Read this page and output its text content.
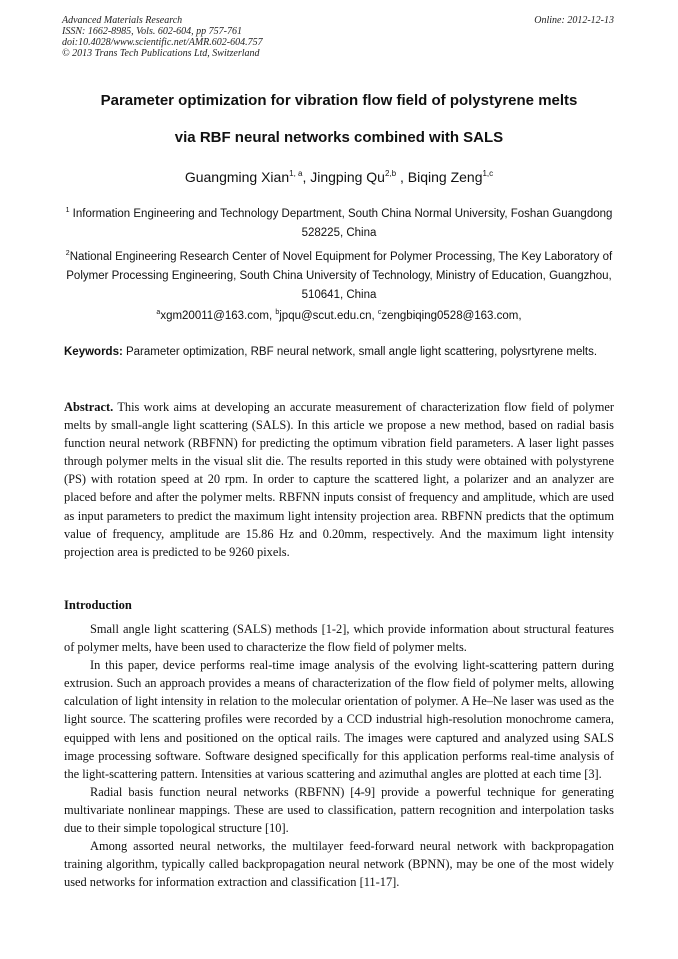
Advanced Materials Research
ISSN: 1662-8985, Vols. 602-604, pp 757-761
doi:10.4028/www.scientific.net/AMR.602-604.757
© 2013 Trans Tech Publications Ltd, Switzerland
Online: 2012-12-13
Parameter optimization for vibration flow field of polystyrene melts
via RBF neural networks combined with SALS
Guangming Xian$^{1, a}$, Jingping Qu$^{2,b}$ , Biqing Zeng$^{1,c}$
$^1$ Information Engineering and Technology Department, South China Normal University, Foshan Guangdong 528225, China
$^2$National Engineering Research Center of Novel Equipment for Polymer Processing, The Key Laboratory of Polymer Processing Engineering, South China University of Technology, Ministry of Education, Guangzhou, 510641, China
$^a$xgm20011@163.com, $^b$jpqu@scut.edu.cn, $^c$zengbiqing0528@163.com,
Keywords: Parameter optimization, RBF neural network, small angle light scattering, polysrtyrene melts.
Abstract. This work aims at developing an accurate measurement of characterization flow field of polymer melts by small-angle light scattering (SALS). In this article we propose a new method, based on radial basis function neural network (RBFNN) for predicting the optimum vibration field parameters. A laser light passes through polymer melts in the visual slit die. The results reported in this study were obtained with polystyrene (PS) with rotation speed at 20 rpm. In order to capture the scattered light, a polarizer and an analyzer are placed before and after the polymer melts. RBFNN inputs consist of frequency and amplitude, which are used as input parameters to predict the maximum light intensity projection area. RBFNN predicts that the optimum value of frequency, amplitude are 15.86 Hz and 0.20mm, respectively. And the maximum light intensity projection area is predicted to be 9260 pixels.
Introduction

Small angle light scattering (SALS) methods [1-2], which provide information about structural features of polymer melts, have been used to characterize the flow field of polymer melts.

In this paper, device performs real-time image analysis of the evolving light-scattering pattern during extrusion. Such an approach provides a means of characterization of the flow field of polymer melts, allowing calculation of light intensity in relation to the molecular orientation of polymer. A He–Ne laser was used as the light source. The scattering profiles were recorded by a CCD industrial high-resolution monochrome camera, equipped with lens and positioned on the optical rails. The images were captured and analyzed using SALS image processing software. Software designed specifically for this application performs real-time analysis of the light-scattering pattern. Intensities at various scattering and azimuthal angles are plotted at each time [3].

Radial basis function neural networks (RBFNN) [4-9] provide a powerful technique for generating multivariate nonlinear mappings. These are used to classification, pattern recognition and interpolation tasks due to their simple topological structure [10].

Among assorted neural networks, the multilayer feed-forward neural network with backpropagation training algorithm, typically called backpropagation neural network (BPNN), may be one of the most widely used networks for information extraction and classification [11-17].
